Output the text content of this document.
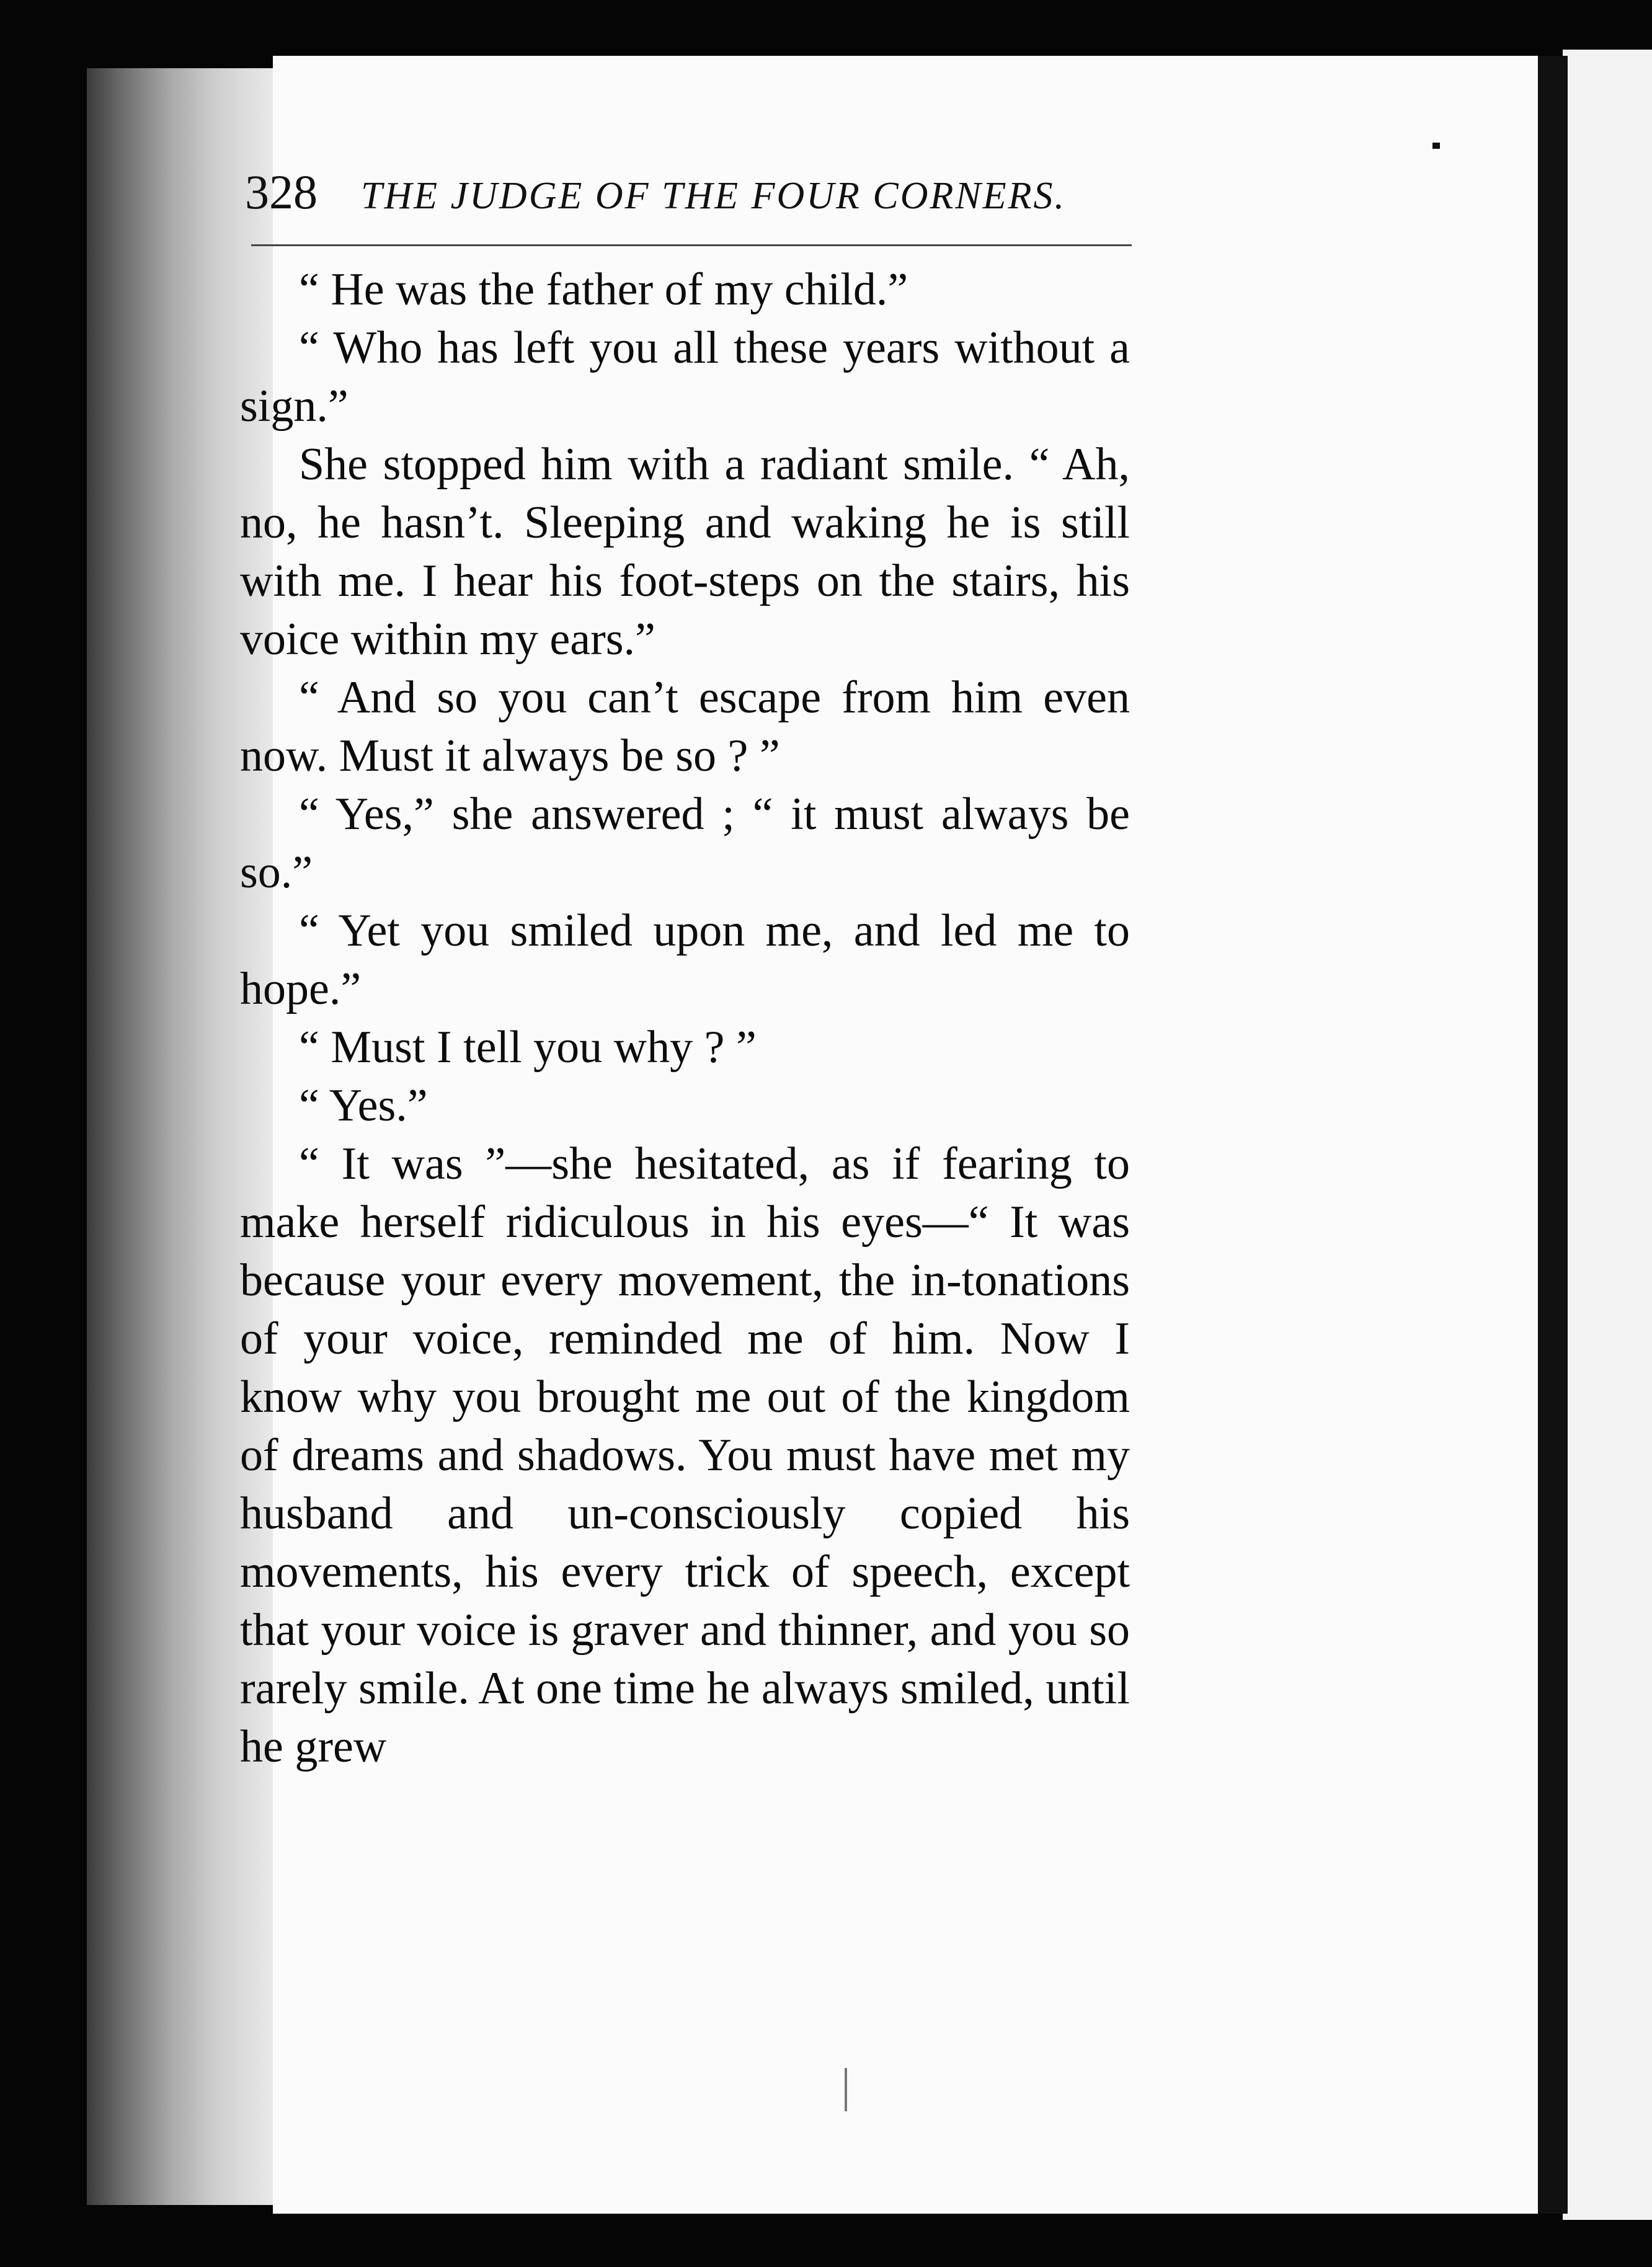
328 THE JUDGE OF THE FOUR CORNERS.

“ He was the father of my child.”

“ Who has left you all these years without a sign.”

She stopped him with a radiant smile. “ Ah, no, he hasn’t. Sleeping and waking he is still with me. I hear his foot-steps on the stairs, his voice within my ears.”

“ And so you can’t escape from him even now. Must it always be so ? ”

“ Yes,” she answered ; “ it must always be so.”

“ Yet you smiled upon me, and led me to hope.”

“ Must I tell you why ? ”

“ Yes.”

“ It was ”—she hesitated, as if fearing to make herself ridiculous in his eyes—“ It was because your every movement, the in-tonations of your voice, reminded me of him. Now I know why you brought me out of the kingdom of dreams and shadows. You must have met my husband and un-consciously copied his movements, his every trick of speech, except that your voice is graver and thinner, and you so rarely smile. At one time he always smiled, until he grew
